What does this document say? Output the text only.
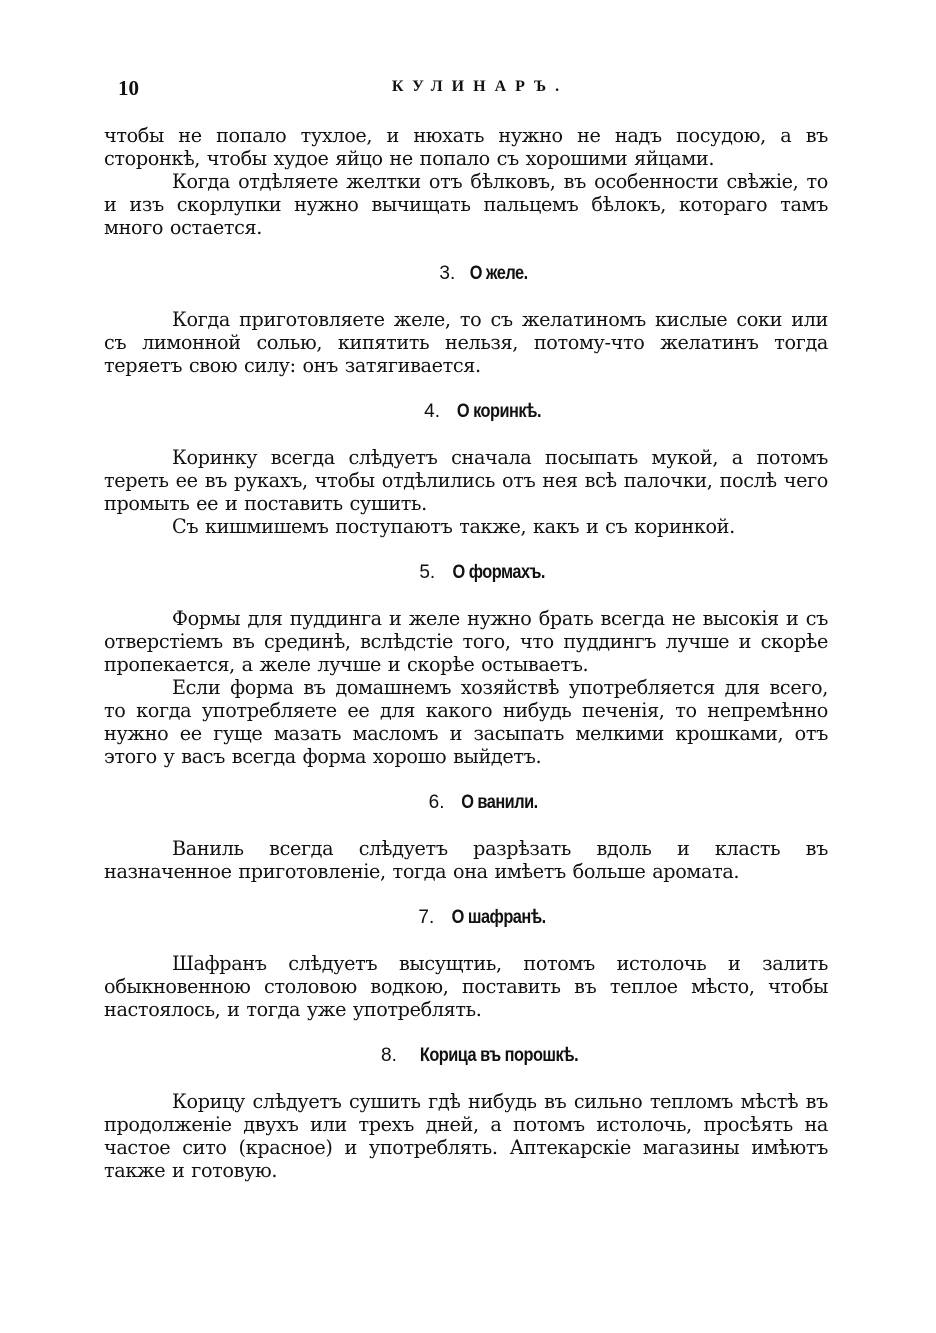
10	КУЛИНАРЪ.

чтобы не попало тухлое, и нюхать нужно не надъ посудою, а въ сторонкѣ, чтобы худое яйцо не попало съ хорошими яйцами.

Когда отдѣляете желтки отъ бѣлковъ, въ особенности свѣжіе, то и изъ скорлупки нужно вычищать пальцемъ бѣлокъ, котораго тамъ много остается.

3. О желе.

Когда приготовляете желе, то съ желатиномъ кислые соки или съ лимонной солью, кипятить нельзя, потому-что желатинъ тогда теряетъ свою силу: онъ затягивается.

4. О коринкѣ.

Коринку всегда слѣдуетъ сначала посыпать мукой, а потомъ тереть ее въ рукахъ, чтобы отдѣлились отъ нея всѣ палочки, послѣ чего промыть ее и поставить сушить.

Съ кишмишемъ поступаютъ также, какъ и съ коринкой.

5. О формахъ.

Формы для пуддинга и желе нужно брать всегда не высокія и съ отверстіемъ въ срединѣ, вслѣдстіе того, что пуддингъ лучше и скорѣе пропекается, а желе лучше и скорѣе остываетъ.

Если форма въ домашнемъ хозяйствѣ употребляется для всего, то когда употребляете ее для какого нибудь печенія, то непремѣнно нужно ее гуще мазать масломъ и засыпать мелкими крошками, отъ этого у васъ всегда форма хорошо выйдетъ.

6. О ванили.

Ваниль всегда слѣдуетъ разрѣзать вдоль и класть въ назначенное приготовленіе, тогда она имѣетъ больше аромата.

7. О шафранѣ.

Шафранъ слѣдуетъ высущтиь, потомъ истолочь и залить обыкновенною столовою водкою, поставить въ теплое мѣсто, чтобы настоялось, и тогда уже употреблять.

8. Корица въ порошкѣ.

Корицу слѣдуетъ сушить гдѣ нибудь въ сильно тепломъ мѣстѣ въ продолженіе двухъ или трехъ дней, а потомъ истолочь, просѣять на частое сито (красное) и употреблять. Аптекарскіе магазины имѣютъ также и готовую.
